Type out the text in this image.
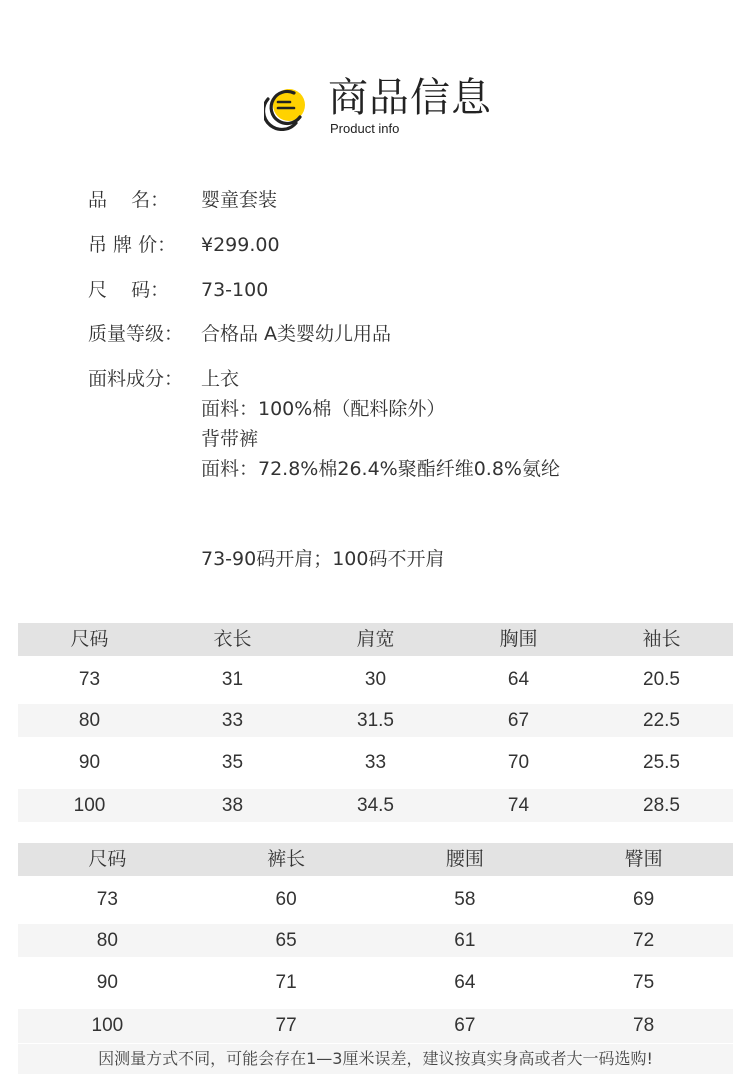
商品信息
Product info
品    名：	婴童套装
吊 牌 价：	¥299.00
尺    码：	73-100
质量等级： 合格品 A类婴幼儿用品
面料成分： 上衣
面料：100%棉（配料除外）
背带裤
面料：72.8%棉26.4%聚酯纤维0.8%氨纶
73-90码开肩；100码不开肩
尺码	衣长	肩宽	胸围	袖长
73	31	30	64	20.5
80	33	31.5	67	22.5
90	35	33	70	25.5
100	38	34.5	74	28.5
尺码	裤长	腰围	臀围
73	60	58	69
80	65	61	72
90	71	64	75
100	77	67	78
因测量方式不同，可能会存在1—3厘米误差，建议按真实身高或者大一码选购!
